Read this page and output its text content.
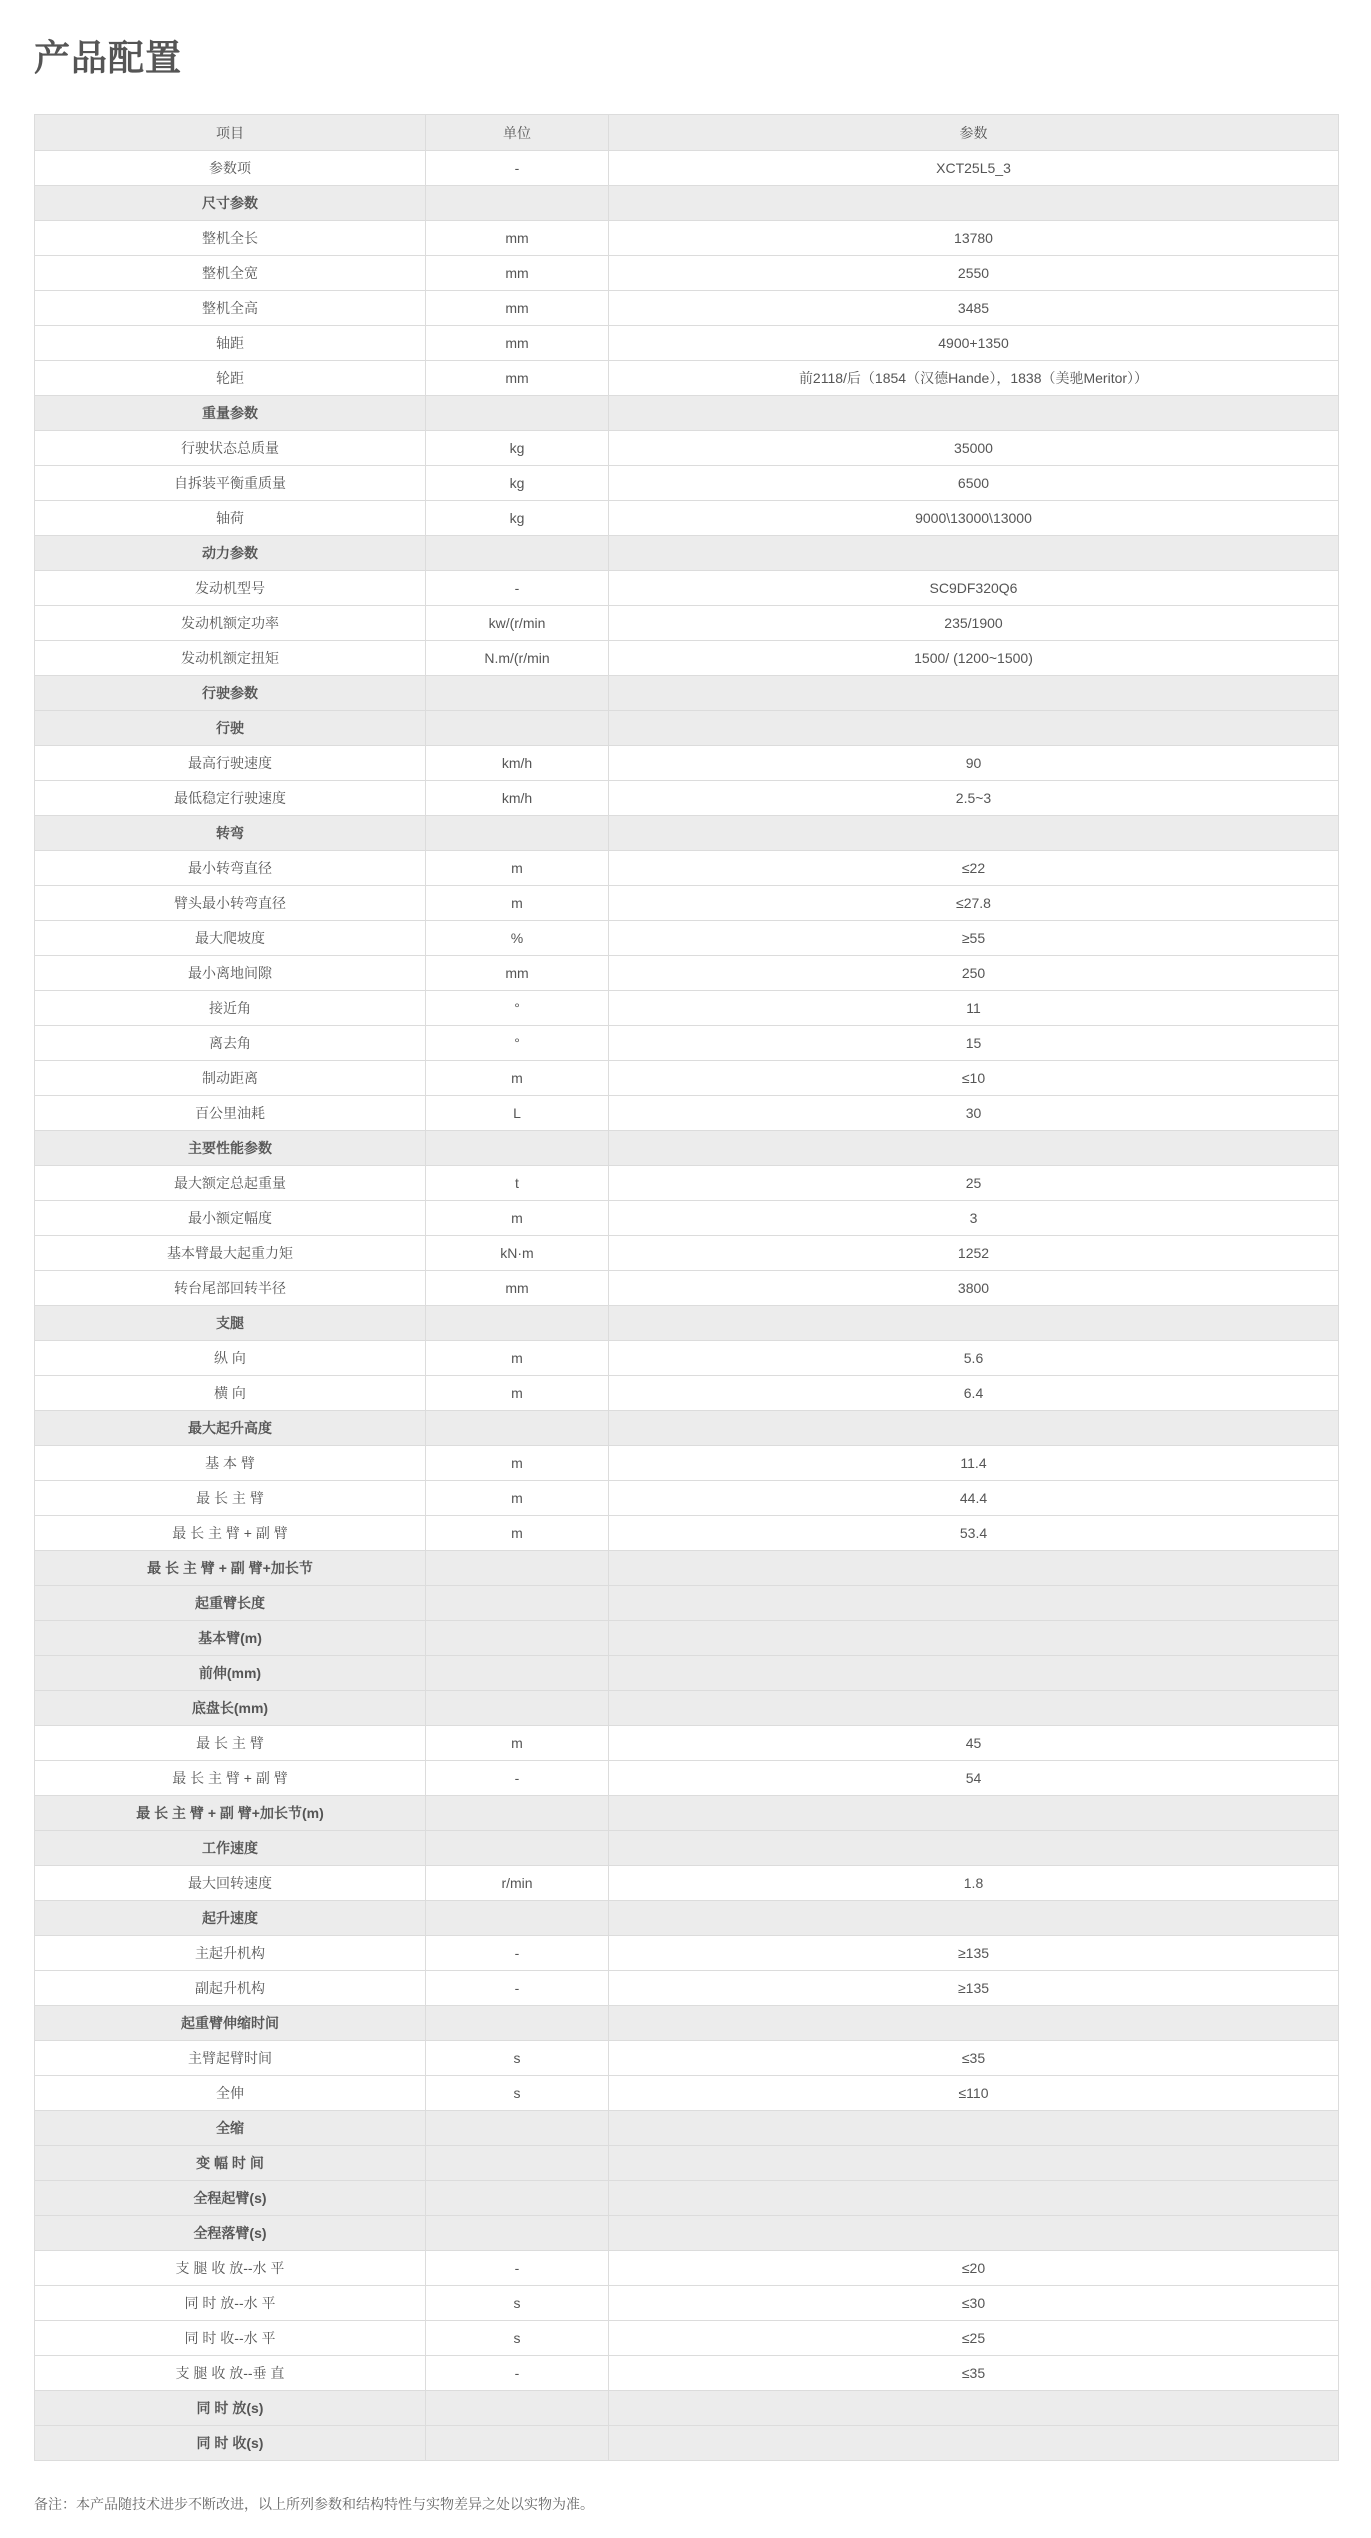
产品配置
项目	单位	参数
参数项	-	XCT25L5_3
尺寸参数		
整机全长	mm	13780
整机全宽	mm	2550
整机全高	mm	3485
轴距	mm	4900+1350
轮距	mm	前2118/后（1854（汉德Hande），1838（美驰Meritor））
重量参数		
行驶状态总质量	kg	35000
自拆装平衡重质量	kg	6500
轴荷	kg	9000\13000\13000
动力参数		
发动机型号	-	SC9DF320Q6
发动机额定功率	kw/(r/min	235/1900
发动机额定扭矩	N.m/(r/min	1500/ (1200~1500)
行驶参数		
行驶		
最高行驶速度	km/h	90
最低稳定行驶速度	km/h	2.5~3
转弯		
最小转弯直径	m	≤22
臂头最小转弯直径	m	≤27.8
最大爬坡度	%	≥55
最小离地间隙	mm	250
接近角	°	11
离去角	°	15
制动距离	m	≤10
百公里油耗	L	30
主要性能参数		
最大额定总起重量	t	25
最小额定幅度	m	3
基本臂最大起重力矩	kN·m	1252
转台尾部回转半径	mm	3800
支腿		
纵 向	m	5.6
横 向	m	6.4
最大起升高度		
基 本 臂	m	11.4
最 长 主 臂	m	44.4
最 长 主 臂 + 副 臂	m	53.4
最 长 主 臂 + 副 臂+加长节		
起重臂长度		
基本臂(m)		
前伸(mm)		
底盘长(mm)		
最 长 主 臂	m	45
最 长 主 臂 + 副 臂	-	54
最 长 主 臂 + 副 臂+加长节(m)		
工作速度		
最大回转速度	r/min	1.8
起升速度		
主起升机构	-	≥135
副起升机构	-	≥135
起重臂伸缩时间		
主臂起臂时间	s	≤35
全伸	s	≤110
全缩		
变 幅 时 间		
全程起臂(s)		
全程落臂(s)		
支 腿 收 放--水 平	-	≤20
同 时 放--水 平	s	≤30
同 时 收--水 平	s	≤25
支 腿 收 放--垂 直	-	≤35
同 时 放(s)		
同 时 收(s)		
备注：本产品随技术进步不断改进，以上所列参数和结构特性与实物差异之处以实物为准。
